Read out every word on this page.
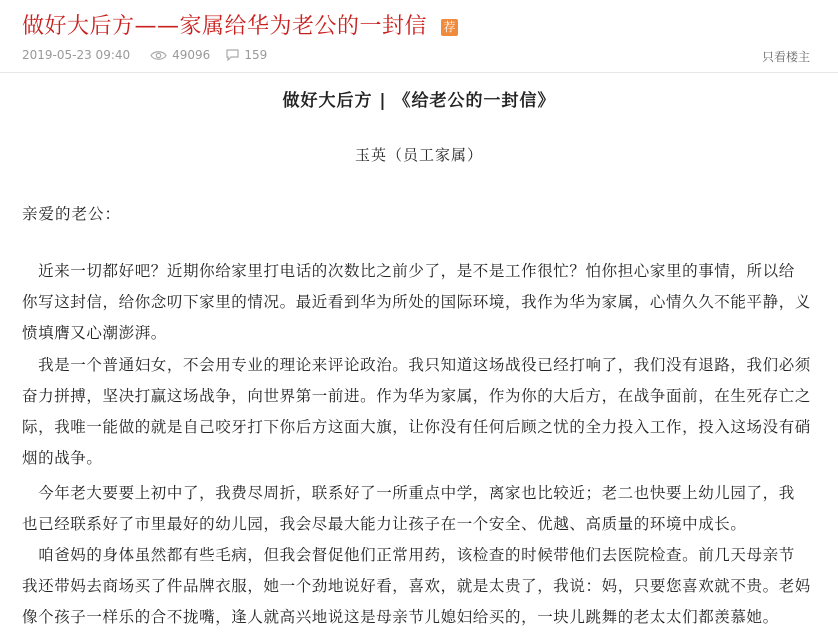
做好大后方——家属给华为老公的一封信 荐
2019-05-23 09:40	49096	159	只看楼主
做好大后方 | 《给老公的一封信》
玉英（员工家属）
亲爱的老公：
　近来一切都好吧？近期你给家里打电话的次数比之前少了，是不是工作很忙？怕你担心家里的事情，所以给
你写这封信，给你念叨下家里的情况。最近看到华为所处的国际环境，我作为华为家属，心情久久不能平静，义
愤填膺又心潮澎湃。
　我是一个普通妇女，不会用专业的理论来评论政治。我只知道这场战役已经打响了，我们没有退路，我们必须
奋力拼搏，坚决打赢这场战争，向世界第一前进。作为华为家属，作为你的大后方，在战争面前，在生死存亡之
际，我唯一能做的就是自己咬牙打下你后方这面大旗，让你没有任何后顾之忧的全力投入工作，投入这场没有硝
烟的战争。
　今年老大要要上初中了，我费尽周折，联系好了一所重点中学，离家也比较近；老二也快要上幼儿园了，我
也已经联系好了市里最好的幼儿园，我会尽最大能力让孩子在一个安全、优越、高质量的环境中成长。
　咱爸妈的身体虽然都有些毛病，但我会督促他们正常用药，该检查的时候带他们去医院检查。前几天母亲节
我还带妈去商场买了件品牌衣服，她一个劲地说好看，喜欢，就是太贵了，我说：妈，只要您喜欢就不贵。老妈
像个孩子一样乐的合不拢嘴，逢人就高兴地说这是母亲节儿媳妇给买的，一块儿跳舞的老太太们都羡慕她。
